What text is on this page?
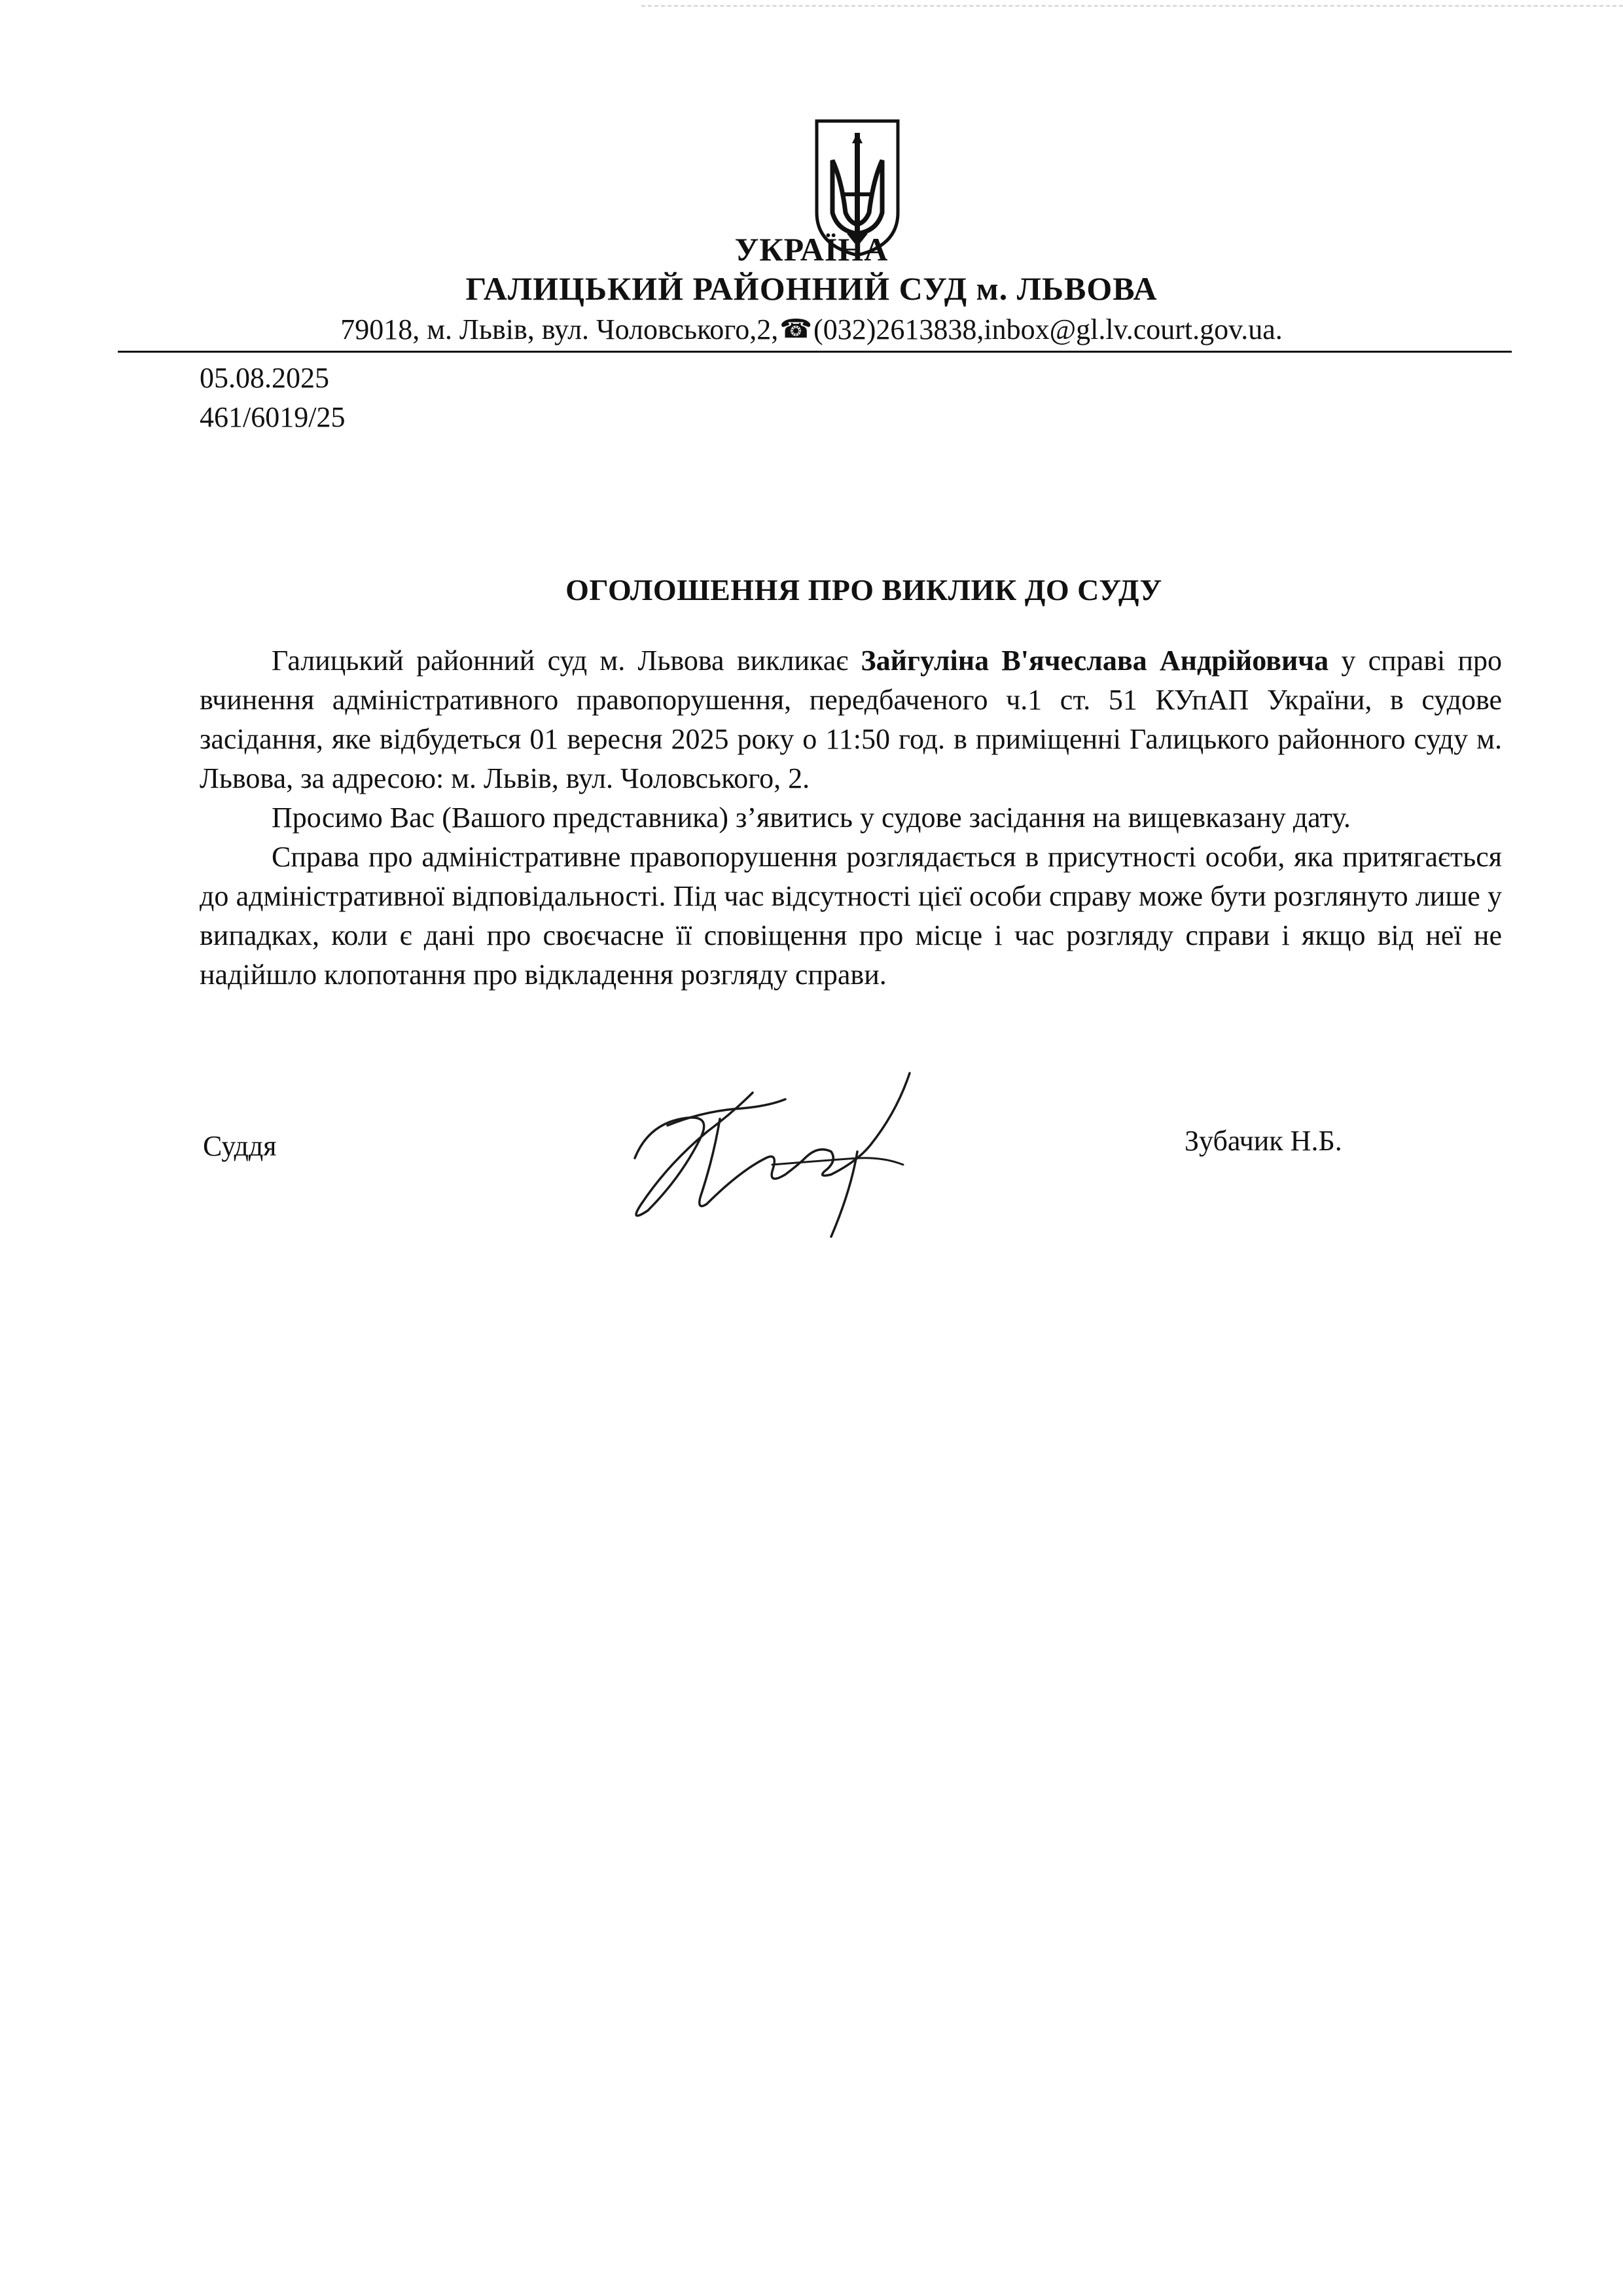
УКРАЇНА
ГАЛИЦЬКИЙ РАЙОННИЙ СУД м. ЛЬВОВА
79018, м. Львів, вул. Чоловського,2,☎(032)2613838,inbox@gl.lv.court.gov.ua.
05.08.2025
461/6019/25
ОГОЛОШЕННЯ ПРО ВИКЛИК ДО СУДУ

Галицький районний суд м. Львова викликає Зайгуліна В'ячеслава Андрійовича у справі про вчинення адміністративного правопорушення, передбаченого ч.1 ст. 51 КУпАП України, в судове засідання, яке відбудеться 01 вересня 2025 року о 11:50 год. в приміщенні Галицького районного суду м. Львова, за адресою: м. Львів, вул. Чоловського, 2.

Просимо Вас (Вашого представника) з’явитись у судове засідання на вищевказану дату.

Справа про адміністративне правопорушення розглядається в присутності особи, яка притягається до адміністративної відповідальності. Під час відсутності цієї особи справу може бути розглянуто лише у випадках, коли є дані про своєчасне її сповіщення про місце і час розгляду справи і якщо від неї не надійшло клопотання про відкладення розгляду справи.

Суддя	Зубачик Н.Б.
